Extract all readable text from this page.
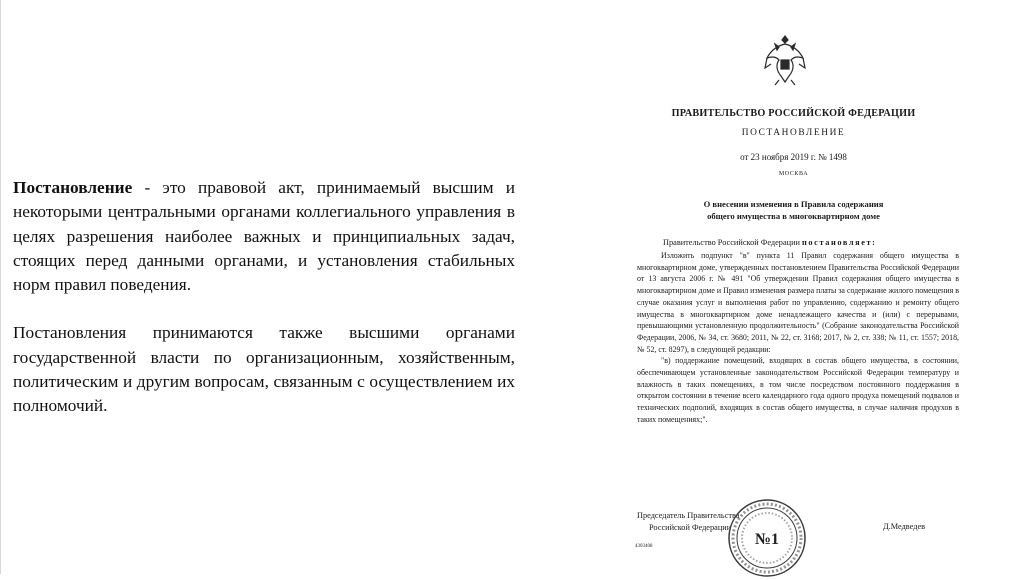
Постановление - это правовой акт, принимаемый высшим и некоторыми центральными органами коллегиального управления в целях разрешения наиболее важных и принципиальных задач, стоящих перед данными органами, и установления стабильных норм правил поведения.

Постановления принимаются также высшими органами государственной власти по организационным, хозяйственным, политическим и другим вопросам, связанным с осуществлением их полномочий.

ПРАВИТЕЛЬСТВО РОССИЙСКОЙ ФЕДЕРАЦИИ
ПОСТАНОВЛЕНИЕ
от 23 ноября 2019 г. № 1498
МОСКВА
О внесении изменения в Правила содержания
общего имущества в многоквартирном доме
Правительство Российской Федерации постановляет:

Изложить подпункт "в" пункта 11 Правил содержания общего имущества в многоквартирном доме, утвержденных постановлением Правительства Российской Федерации от 13 августа 2006 г. № 491 "Об утверждении Правил содержания общего имущества в многоквартирном доме и Правил изменения размера платы за содержание жилого помещения в случае оказания услуг и выполнения работ по управлению, содержанию и ремонту общего имущества в многоквартирном доме ненадлежащего качества и (или) с перерывами, превышающими установленную продолжительность" (Собрание законодательства Российской Федерации, 2006, № 34, ст. 3680; 2011, № 22, ст. 3168; 2017, № 2, ст. 338; № 11, ст. 1557; 2018, № 52, ст. 8297), в следующей редакции:

"в) поддержание помещений, входящих в состав общего имущества, в состоянии, обеспечивающем установленные законодательством Российской Федерации температуру и влажность в таких помещениях, в том числе посредством постоянного поддержания в открытом состоянии в течение всего календарного года одного продуха помещений подвалов и технических подполий, входящих в состав общего имущества, в случае наличия продухов в таких помещениях;".

Председатель Правительства
Российской Федерации	Д.Медведев
4303408	№1
